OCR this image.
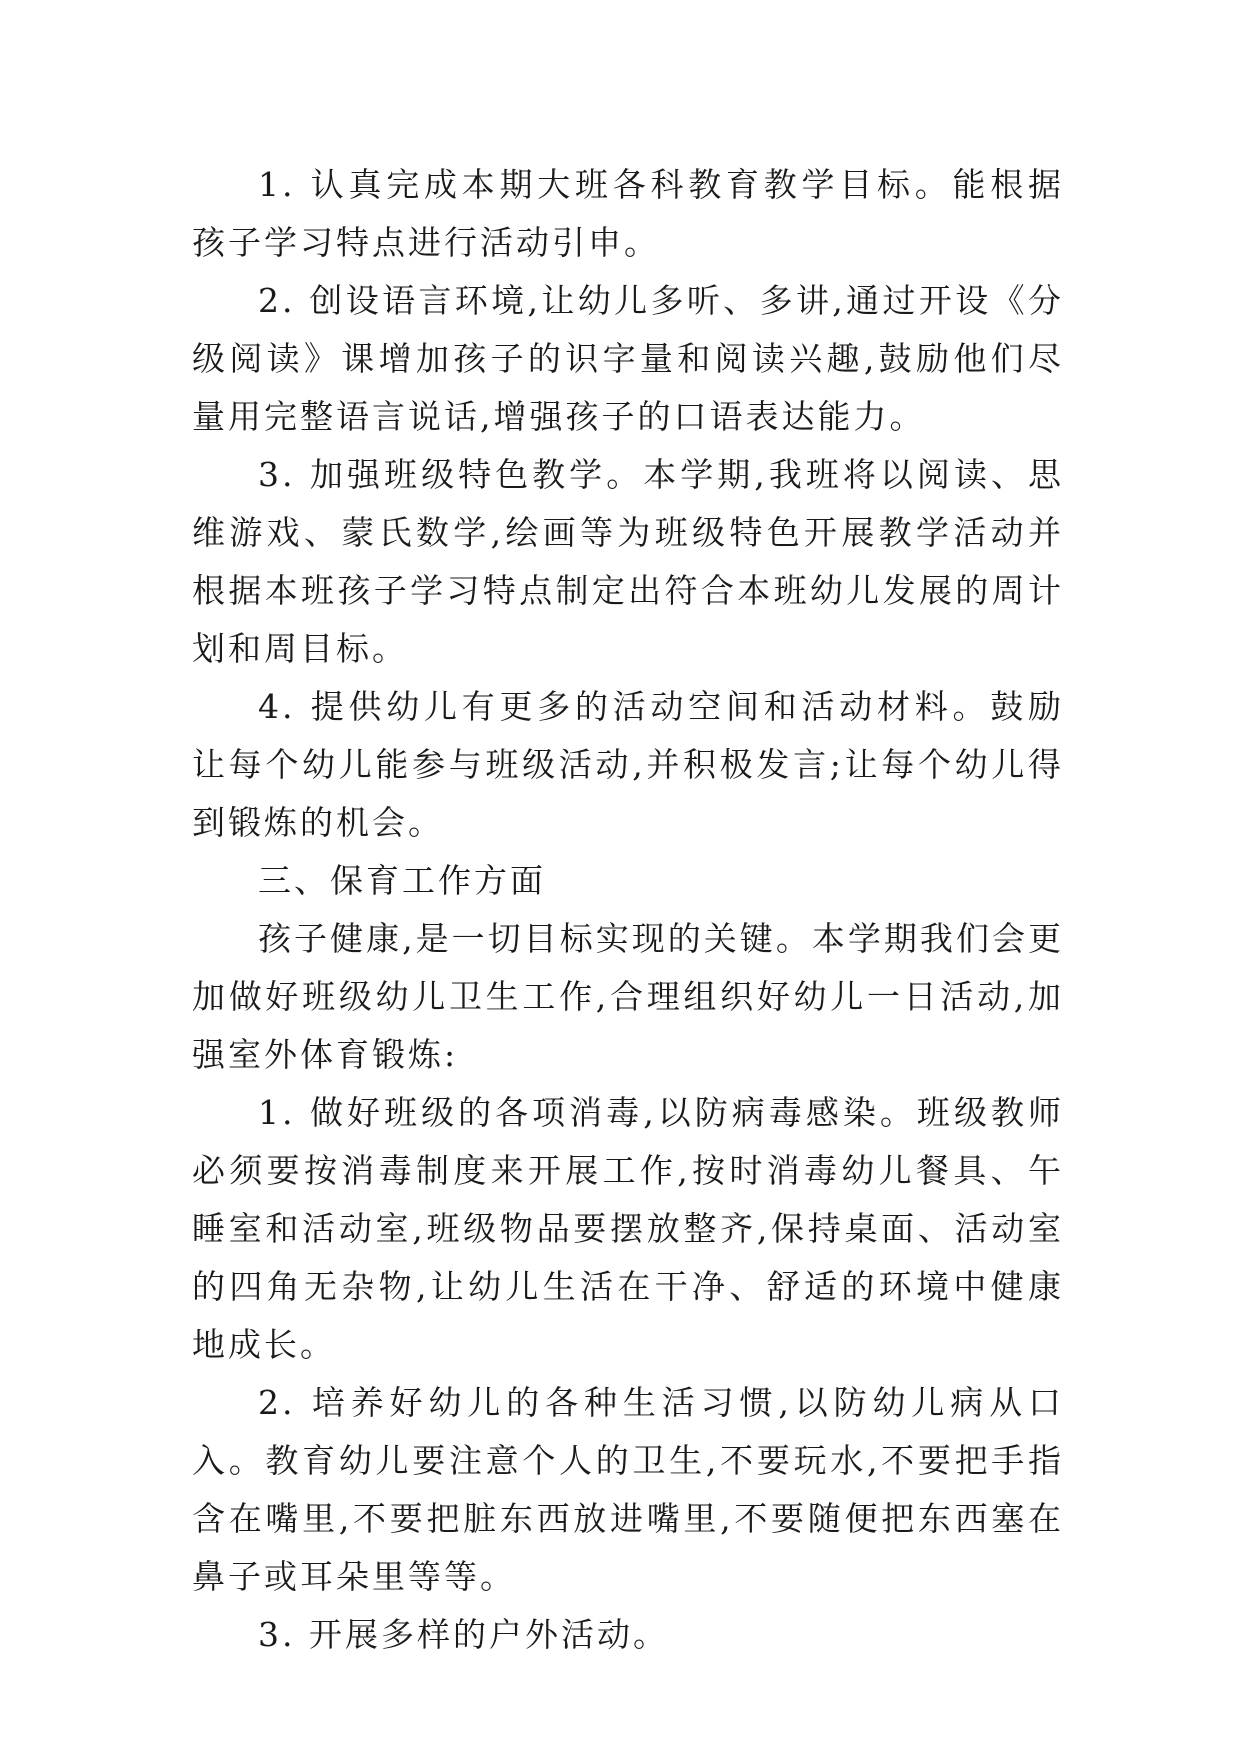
1. 认真完成本期大班各科教育教学目标。能根据孩子学习特点进行活动引申。

2. 创设语言环境,让幼儿多听、多讲,通过开设《分级阅读》课增加孩子的识字量和阅读兴趣,鼓励他们尽量用完整语言说话,增强孩子的口语表达能力。

3. 加强班级特色教学。本学期,我班将以阅读、思维游戏、蒙氏数学,绘画等为班级特色开展教学活动并根据本班孩子学习特点制定出符合本班幼儿发展的周计划和周目标。

4. 提供幼儿有更多的活动空间和活动材料。鼓励让每个幼儿能参与班级活动,并积极发言;让每个幼儿得到锻炼的机会。

三、保育工作方面

孩子健康,是一切目标实现的关键。本学期我们会更加做好班级幼儿卫生工作,合理组织好幼儿一日活动,加强室外体育锻炼:

1. 做好班级的各项消毒,以防病毒感染。班级教师必须要按消毒制度来开展工作,按时消毒幼儿餐具、午睡室和活动室,班级物品要摆放整齐,保持桌面、活动室的四角无杂物,让幼儿生活在干净、舒适的环境中健康地成长。

2. 培养好幼儿的各种生活习惯,以防幼儿病从口入。教育幼儿要注意个人的卫生,不要玩水,不要把手指含在嘴里,不要把脏东西放进嘴里,不要随便把东西塞在鼻子或耳朵里等等。

3. 开展多样的户外活动。
